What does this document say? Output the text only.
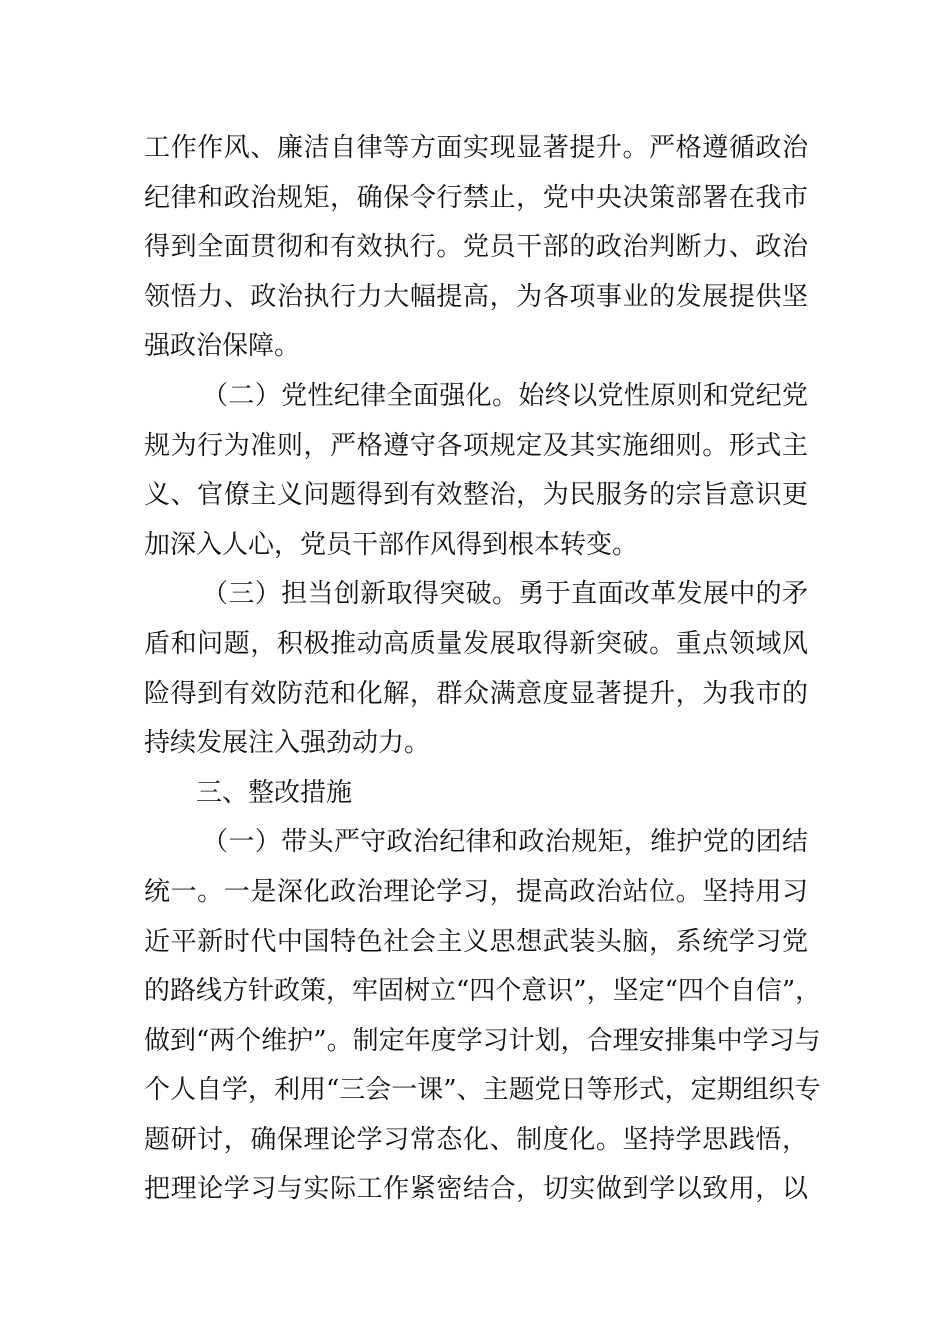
工作作风、廉洁自律等方面实现显著提升。严格遵循政治
纪律和政治规矩，确保令行禁止，党中央决策部署在我市
得到全面贯彻和有效执行。党员干部的政治判断力、政治
领悟力、政治执行力大幅提高，为各项事业的发展提供坚
强政治保障。
（二）党性纪律全面强化。始终以党性原则和党纪党
规为行为准则，严格遵守各项规定及其实施细则。形式主
义、官僚主义问题得到有效整治，为民服务的宗旨意识更
加深入人心，党员干部作风得到根本转变。
（三）担当创新取得突破。勇于直面改革发展中的矛
盾和问题，积极推动高质量发展取得新突破。重点领域风
险得到有效防范和化解，群众满意度显著提升，为我市的
持续发展注入强劲动力。
三、整改措施
（一）带头严守政治纪律和政治规矩，维护党的团结
统一。一是深化政治理论学习，提高政治站位。坚持用习
近平新时代中国特色社会主义思想武装头脑，系统学习党
的路线方针政策，牢固树立“四个意识”，坚定“四个自信”，
做到“两个维护”。制定年度学习计划，合理安排集中学习与
个人自学，利用“三会一课”、主题党日等形式，定期组织专
题研讨，确保理论学习常态化、制度化。坚持学思践悟，
把理论学习与实际工作紧密结合，切实做到学以致用，以
